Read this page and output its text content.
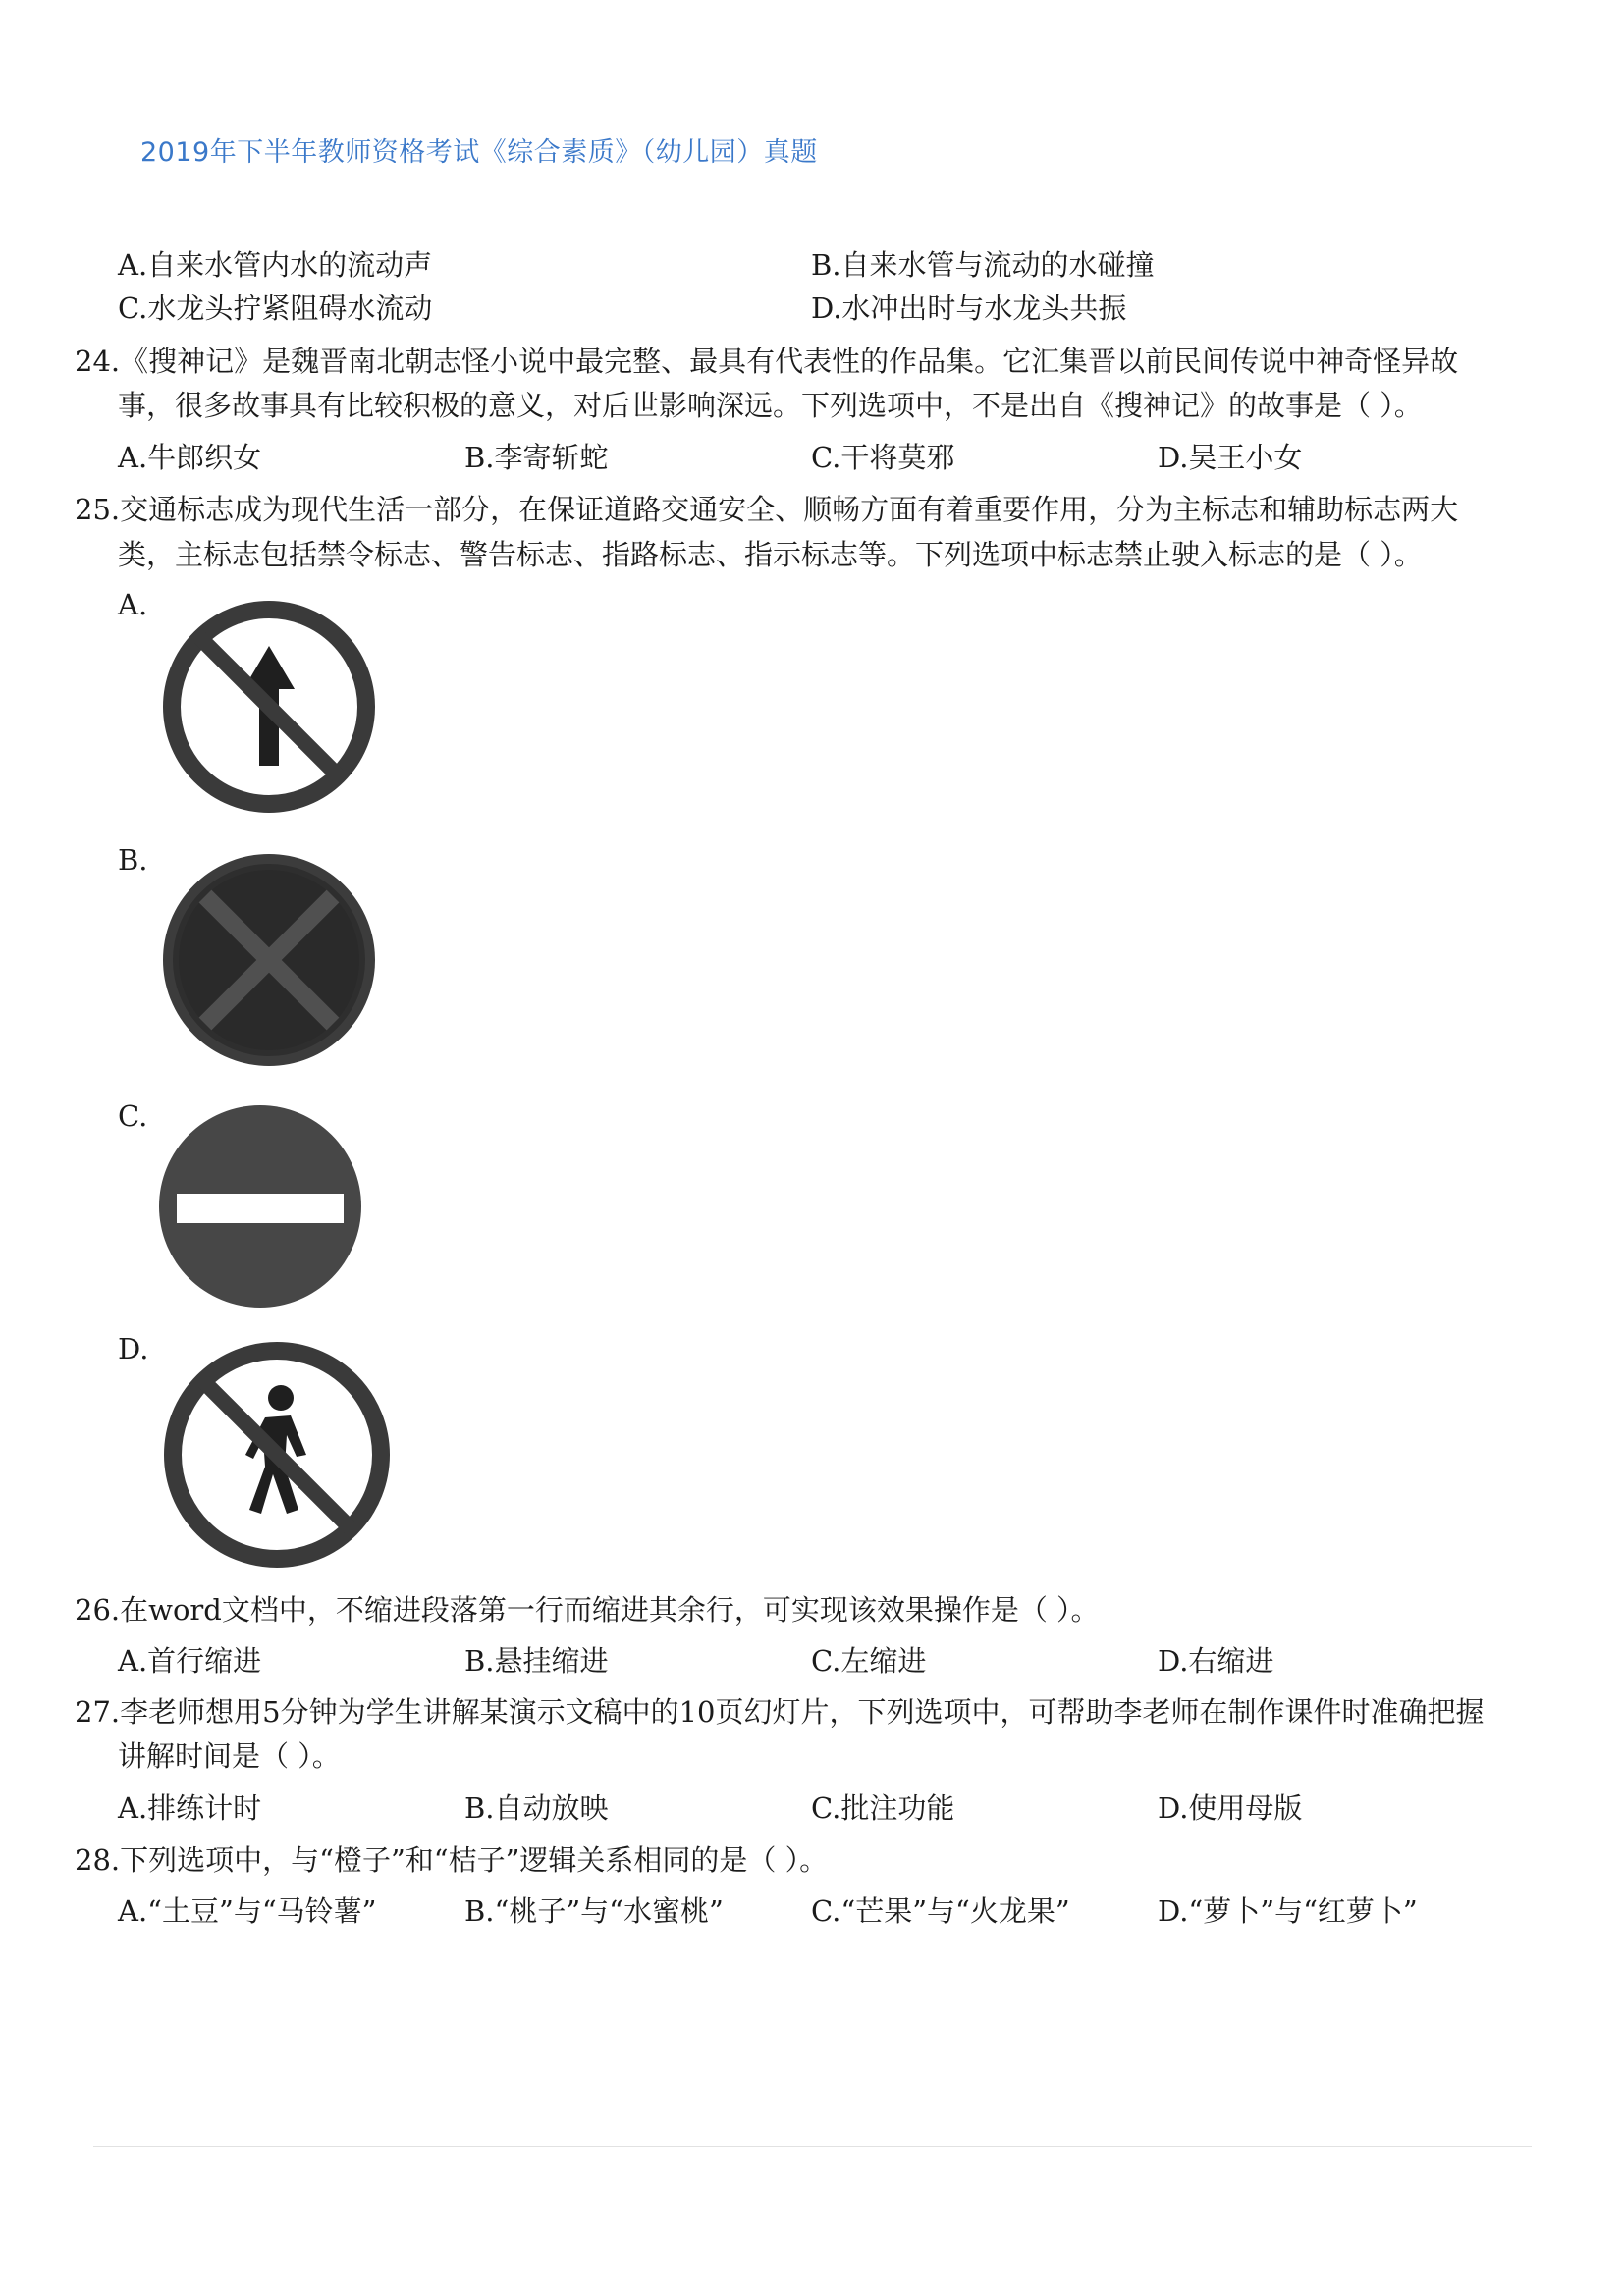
2019年下半年教师资格考试《综合素质》（幼儿园）真题
A.自来水管内水的流动声	B.自来水管与流动的水碰撞
C.水龙头拧紧阻碍水流动	D.水冲出时与水龙头共振
24.《搜神记》是魏晋南北朝志怪小说中最完整、最具有代表性的作品集。它汇集晋以前民间传说中神奇怪异故
事，很多故事具有比较积极的意义，对后世影响深远。下列选项中，不是出自《搜神记》的故事是（ ）。
A.牛郎织女	B.李寄斩蛇	C.干将莫邪	D.吴王小女
25.交通标志成为现代生活一部分，在保证道路交通安全、顺畅方面有着重要作用，分为主标志和辅助标志两大
类，主标志包括禁令标志、警告标志、指路标志、指示标志等。下列选项中标志禁止驶入标志的是（ ）。
A.
B.
C.
D.
26.在word文档中，不缩进段落第一行而缩进其余行，可实现该效果操作是（ ）。
A.首行缩进	B.悬挂缩进	C.左缩进	D.右缩进
27.李老师想用5分钟为学生讲解某演示文稿中的10页幻灯片，下列选项中，可帮助李老师在制作课件时准确把握
讲解时间是（ ）。
A.排练计时	B.自动放映	C.批注功能	D.使用母版
28.下列选项中，与“橙子”和“桔子”逻辑关系相同的是（ ）。
A.“土豆”与“马铃薯”	B.“桃子”与“水蜜桃”	C.“芒果”与“火龙果”	D.“萝卜”与“红萝卜”
